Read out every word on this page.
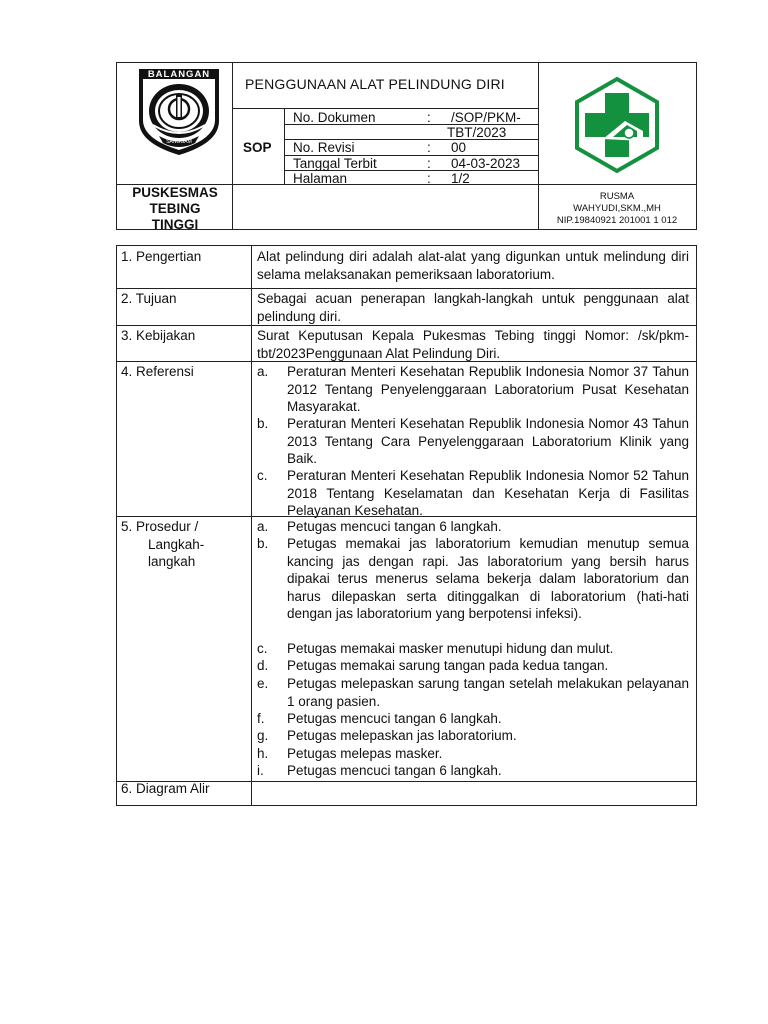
BALANGAN
SANGGAM
PUSKESMAS
TEBING
TINGGI
PENGGUNAAN ALAT PELINDUNG DIRI
SOP
No. Dokumen	: /SOP/PKM-
TBT/2023
No. Revisi	: 00
Tanggal Terbit	: 04-03-2023
Halaman	: 1/2
RUSMA
WAHYUDI,SKM.,MH
NIP.19840921 201001 1 012
1. Pengertian	Alat pelindung diri adalah alat-alat yang digunkan untuk melindung diri selama melaksanakan pemeriksaan laboratorium.
2. Tujuan	Sebagai acuan penerapan langkah-langkah untuk penggunaan alat pelindung diri.
3. Kebijakan	Surat Keputusan Kepala Pukesmas Tebing tinggi Nomor: /sk/pkm-tbt/2023Penggunaan Alat Pelindung Diri.
4. Referensi	a.	Peraturan Menteri Kesehatan Republik Indonesia Nomor 37 Tahun 2012 Tentang Penyelenggaraan Laboratorium Pusat Kesehatan Masyarakat.
b.	Peraturan Menteri Kesehatan Republik Indonesia Nomor 43 Tahun 2013 Tentang Cara Penyelenggaraan Laboratorium Klinik yang Baik.
c.	Peraturan Menteri Kesehatan Republik Indonesia Nomor 52 Tahun 2018 Tentang Keselamatan dan Kesehatan Kerja di Fasilitas Pelayanan Kesehatan.
5. Prosedur /
Langkah-
langkah
a.	Petugas mencuci tangan 6 langkah.
b.	Petugas memakai jas laboratorium kemudian menutup semua kancing jas dengan rapi. Jas laboratorium yang bersih harus dipakai terus menerus selama bekerja dalam laboratorium dan harus dilepaskan serta ditinggalkan di laboratorium (hati-hati dengan jas laboratorium yang berpotensi infeksi).
c.	Petugas memakai masker menutupi hidung dan mulut.
d.	Petugas memakai sarung tangan pada kedua tangan.
e.	Petugas melepaskan sarung tangan setelah melakukan pelayanan 1 orang pasien.
f.	Petugas mencuci tangan 6 langkah.
g.	Petugas melepaskan jas laboratorium.
h.	Petugas melepas masker.
i.	Petugas mencuci tangan 6 langkah.
6. Diagram Alir
